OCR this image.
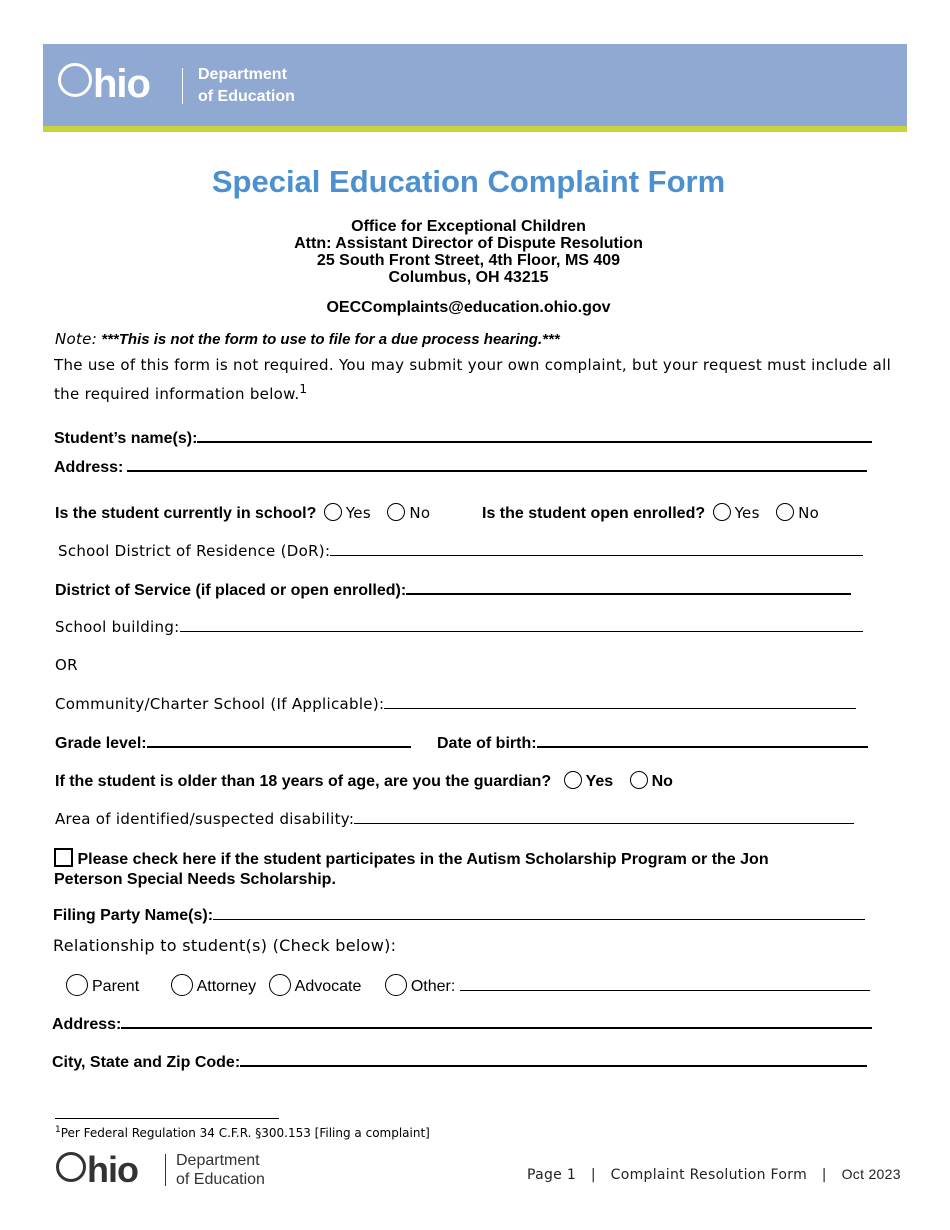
hio	Department
of Education
Special Education Complaint Form
Office for Exceptional Children
Attn: Assistant Director of Dispute Resolution
25 South Front Street, 4th Floor, MS 409
Columbus, OH 43215
OECComplaints@education.ohio.gov
Note: ***This is not the form to use to file for a due process hearing.***
The use of this form is not required. You may submit your own complaint, but your request must include all
the required information below.$^1$
Student’s name(s):
Address:
Is the student currently in school? Yes	No	Is the student open enrolled? Yes	No
School District of Residence (DoR):
District of Service (if placed or open enrolled):
School building:
OR
Community/Charter School (If Applicable):
Grade level:	Date of birth:
If the student is older than 18 years of age, are you the guardian? Yes No
Area of identified/suspected disability:
Please check here if the student participates in the Autism Scholarship Program or the Jon
Peterson Special Needs Scholarship.
Filing Party Name(s):
Relationship to student(s) (Check below):
Parent	Attorney Advocate	Other:
Address:
City, State and Zip Code:
$^1$Per Federal Regulation 34 C.F.R. §300.153 [Filing a complaint]
hio Department
of Education	Page 1 | Complaint Resolution Form | Oct 2023
